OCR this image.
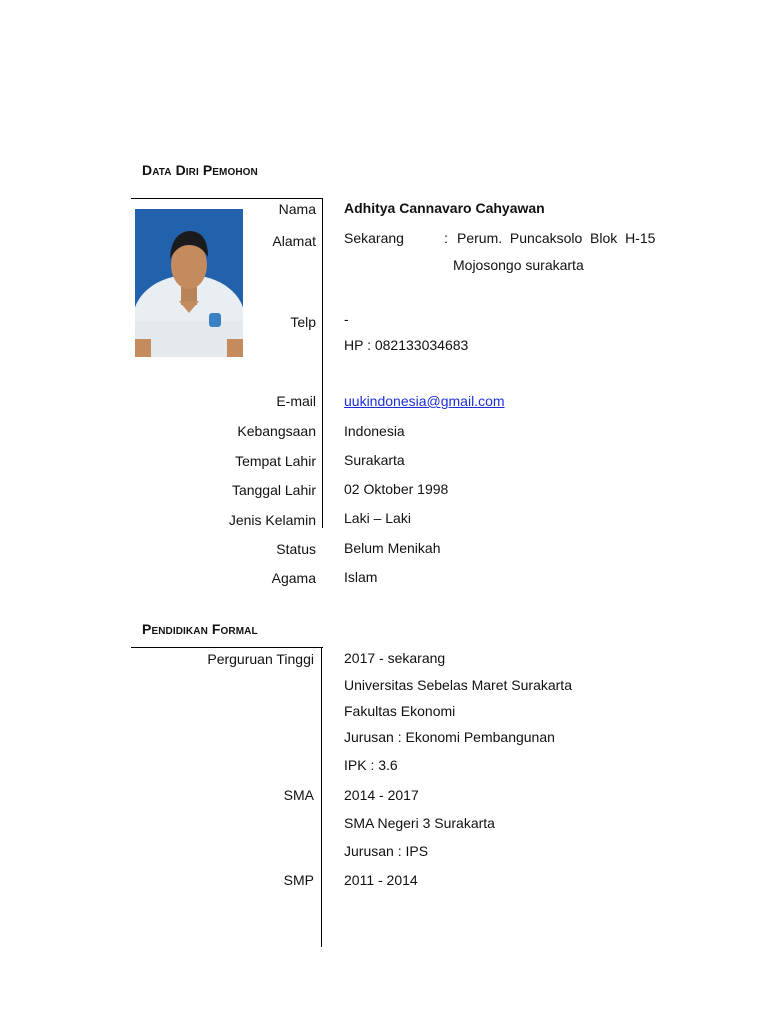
Data Diri Pemohon
Nama Adhitya Cannavaro Cahyawan
Alamat Sekarang	: Perum.  Puncaksolo  Blok  H-15
Mojosongo surakarta
Telp -
HP : 082133034683
E-mail uukindonesia@gmail.com
Kebangsaan Indonesia
Tempat Lahir Surakarta
Tanggal Lahir 02 Oktober 1998
Jenis Kelamin Laki – Laki
Status Belum Menikah
Agama Islam
Pendidikan Formal
Perguruan Tinggi 2017 - sekarang
Universitas Sebelas Maret Surakarta
Fakultas Ekonomi
Jurusan : Ekonomi Pembangunan
IPK : 3.6
SMA 2014 - 2017
SMA Negeri 3 Surakarta
Jurusan : IPS
SMP 2011 - 2014
